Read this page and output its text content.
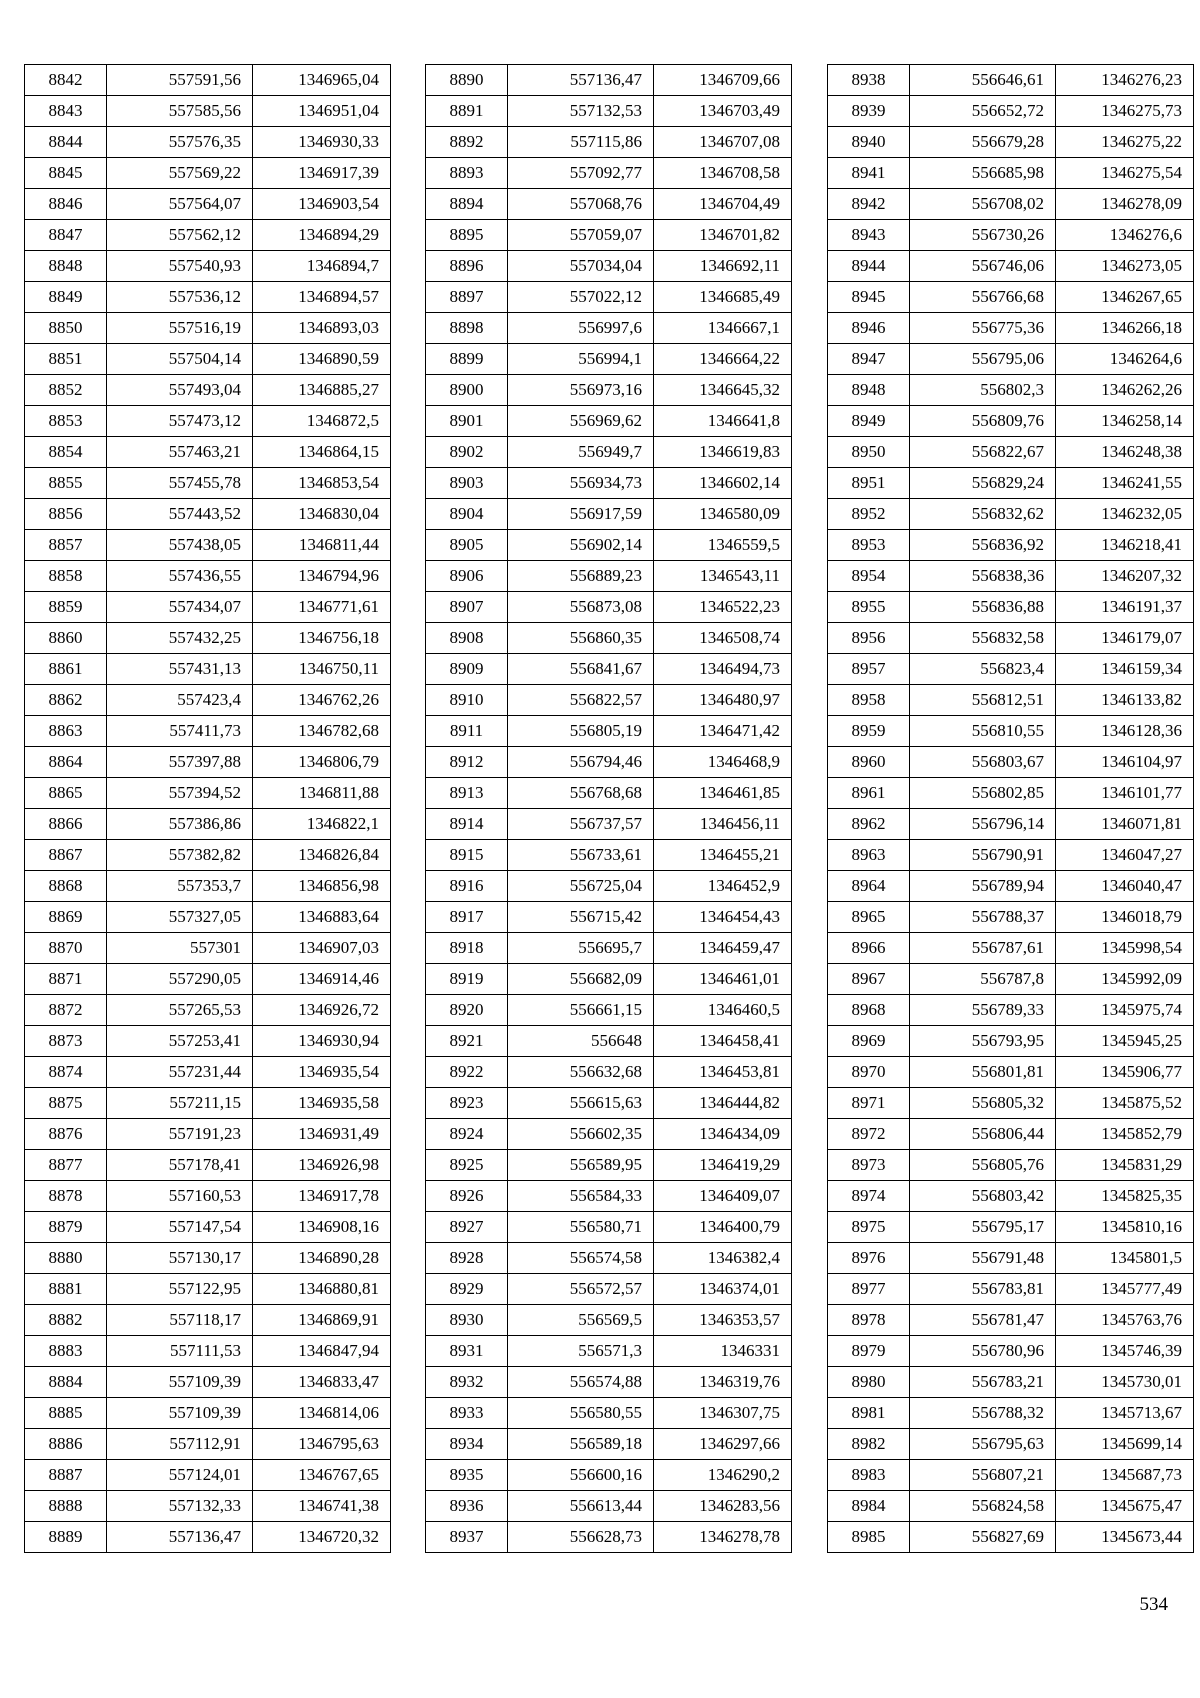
8842	557591,56	1346965,04
8843	557585,56	1346951,04
8844	557576,35	1346930,33
8845	557569,22	1346917,39
8846	557564,07	1346903,54
8847	557562,12	1346894,29
8848	557540,93	1346894,7
8849	557536,12	1346894,57
8850	557516,19	1346893,03
8851	557504,14	1346890,59
8852	557493,04	1346885,27
8853	557473,12	1346872,5
8854	557463,21	1346864,15
8855	557455,78	1346853,54
8856	557443,52	1346830,04
8857	557438,05	1346811,44
8858	557436,55	1346794,96
8859	557434,07	1346771,61
8860	557432,25	1346756,18
8861	557431,13	1346750,11
8862	557423,4	1346762,26
8863	557411,73	1346782,68
8864	557397,88	1346806,79
8865	557394,52	1346811,88
8866	557386,86	1346822,1
8867	557382,82	1346826,84
8868	557353,7	1346856,98
8869	557327,05	1346883,64
8870	557301	1346907,03
8871	557290,05	1346914,46
8872	557265,53	1346926,72
8873	557253,41	1346930,94
8874	557231,44	1346935,54
8875	557211,15	1346935,58
8876	557191,23	1346931,49
8877	557178,41	1346926,98
8878	557160,53	1346917,78
8879	557147,54	1346908,16
8880	557130,17	1346890,28
8881	557122,95	1346880,81
8882	557118,17	1346869,91
8883	557111,53	1346847,94
8884	557109,39	1346833,47
8885	557109,39	1346814,06
8886	557112,91	1346795,63
8887	557124,01	1346767,65
8888	557132,33	1346741,38
8889	557136,47	1346720,32
8890	557136,47	1346709,66
8891	557132,53	1346703,49
8892	557115,86	1346707,08
8893	557092,77	1346708,58
8894	557068,76	1346704,49
8895	557059,07	1346701,82
8896	557034,04	1346692,11
8897	557022,12	1346685,49
8898	556997,6	1346667,1
8899	556994,1	1346664,22
8900	556973,16	1346645,32
8901	556969,62	1346641,8
8902	556949,7	1346619,83
8903	556934,73	1346602,14
8904	556917,59	1346580,09
8905	556902,14	1346559,5
8906	556889,23	1346543,11
8907	556873,08	1346522,23
8908	556860,35	1346508,74
8909	556841,67	1346494,73
8910	556822,57	1346480,97
8911	556805,19	1346471,42
8912	556794,46	1346468,9
8913	556768,68	1346461,85
8914	556737,57	1346456,11
8915	556733,61	1346455,21
8916	556725,04	1346452,9
8917	556715,42	1346454,43
8918	556695,7	1346459,47
8919	556682,09	1346461,01
8920	556661,15	1346460,5
8921	556648	1346458,41
8922	556632,68	1346453,81
8923	556615,63	1346444,82
8924	556602,35	1346434,09
8925	556589,95	1346419,29
8926	556584,33	1346409,07
8927	556580,71	1346400,79
8928	556574,58	1346382,4
8929	556572,57	1346374,01
8930	556569,5	1346353,57
8931	556571,3	1346331
8932	556574,88	1346319,76
8933	556580,55	1346307,75
8934	556589,18	1346297,66
8935	556600,16	1346290,2
8936	556613,44	1346283,56
8937	556628,73	1346278,78
8938	556646,61	1346276,23
8939	556652,72	1346275,73
8940	556679,28	1346275,22
8941	556685,98	1346275,54
8942	556708,02	1346278,09
8943	556730,26	1346276,6
8944	556746,06	1346273,05
8945	556766,68	1346267,65
8946	556775,36	1346266,18
8947	556795,06	1346264,6
8948	556802,3	1346262,26
8949	556809,76	1346258,14
8950	556822,67	1346248,38
8951	556829,24	1346241,55
8952	556832,62	1346232,05
8953	556836,92	1346218,41
8954	556838,36	1346207,32
8955	556836,88	1346191,37
8956	556832,58	1346179,07
8957	556823,4	1346159,34
8958	556812,51	1346133,82
8959	556810,55	1346128,36
8960	556803,67	1346104,97
8961	556802,85	1346101,77
8962	556796,14	1346071,81
8963	556790,91	1346047,27
8964	556789,94	1346040,47
8965	556788,37	1346018,79
8966	556787,61	1345998,54
8967	556787,8	1345992,09
8968	556789,33	1345975,74
8969	556793,95	1345945,25
8970	556801,81	1345906,77
8971	556805,32	1345875,52
8972	556806,44	1345852,79
8973	556805,76	1345831,29
8974	556803,42	1345825,35
8975	556795,17	1345810,16
8976	556791,48	1345801,5
8977	556783,81	1345777,49
8978	556781,47	1345763,76
8979	556780,96	1345746,39
8980	556783,21	1345730,01
8981	556788,32	1345713,67
8982	556795,63	1345699,14
8983	556807,21	1345687,73
8984	556824,58	1345675,47
8985	556827,69	1345673,44
534
